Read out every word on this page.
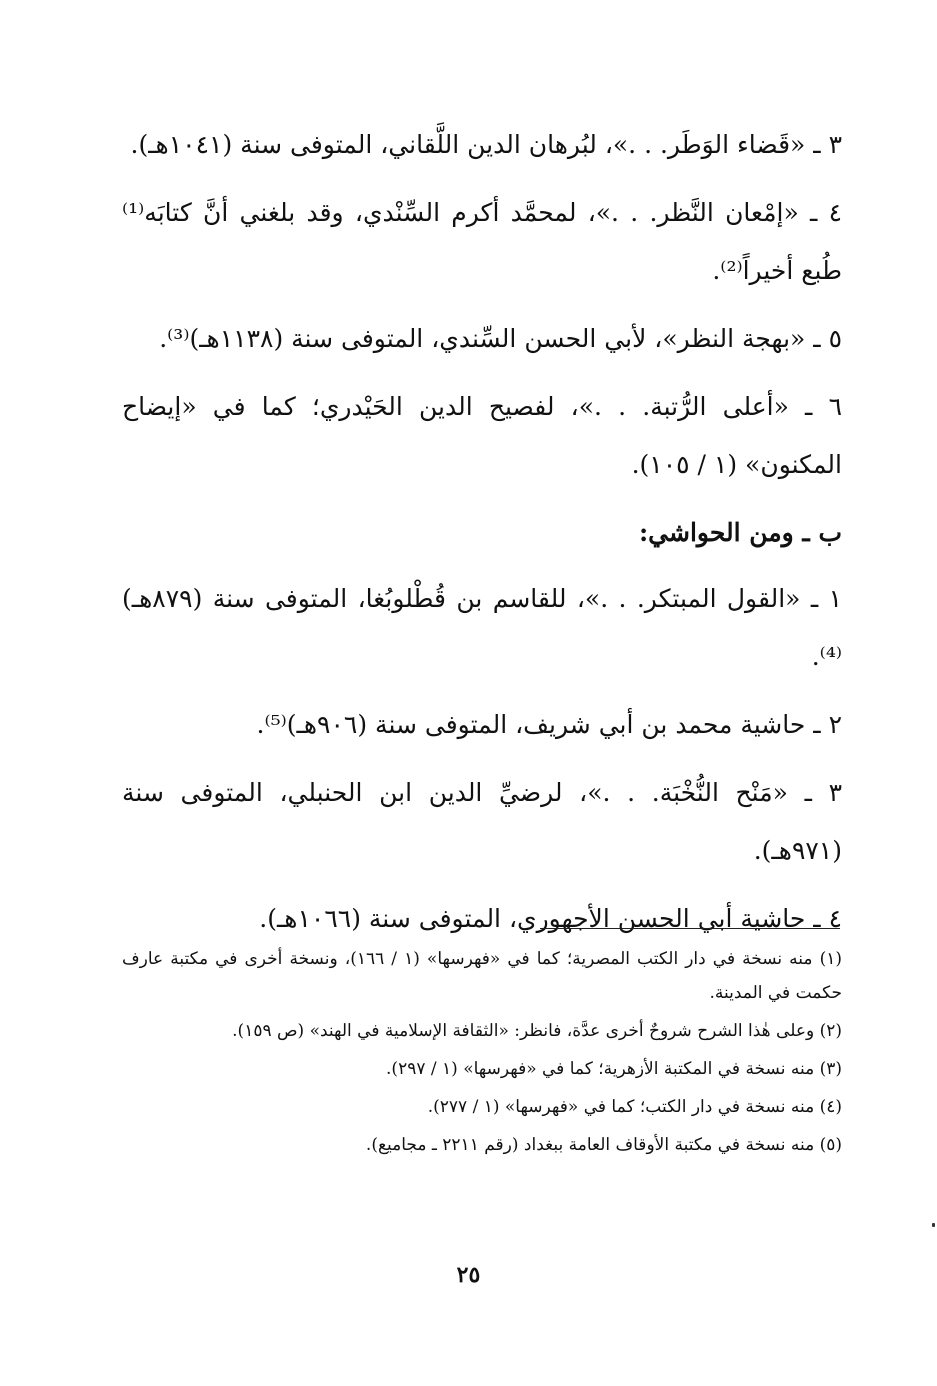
٣ ـ «قَضاء الوَطَر. . .»، لبُرهان الدين اللَّقاني، المتوفى سنة (١٠٤١هـ).

٤ ـ «إمْعان النَّظر. . .»، لمحمَّد أكرم السِّنْدي، وقد بلغني أنَّ كتابَه⁽¹⁾ طُبع أخيراً⁽²⁾.

٥ ـ «بهجة النظر»، لأبي الحسن السِّندي، المتوفى سنة (١١٣٨هـ)⁽³⁾.

٦ ـ «أعلى الرُّتبة. . .»، لفصيح الدين الحَيْدري؛ كما في «إيضاح المكنون» (١ / ١٠٥).

ب ـ ومن الحواشي:

١ ـ «القول المبتكر. . .»، للقاسم بن قُطْلوبُغا، المتوفى سنة (٨٧٩هـ)⁽⁴⁾.

٢ ـ حاشية محمد بن أبي شريف، المتوفى سنة (٩٠٦هـ)⁽⁵⁾.

٣ ـ «مَنْح النُّخْبَة. . .»، لرضيِّ الدين ابن الحنبلي، المتوفى سنة (٩٧١هـ).

٤ ـ حاشية أبي الحسن الأجهوري، المتوفى سنة (١٠٦٦هـ).

(١) منه نسخة في دار الكتب المصرية؛ كما في «فهرسها» (١ / ١٦٦)، ونسخة أخرى في مكتبة عارف حكمت في المدينة.

(٢) وعلى هٰذا الشرح شروحٌ أخرى عدَّة، فانظر: «الثقافة الإسلامية في الهند» (ص ١٥٩).

(٣) منه نسخة في المكتبة الأزهرية؛ كما في «فهرسها» (١ / ٢٩٧).

(٤) منه نسخة في دار الكتب؛ كما في «فهرسها» (١ / ٢٧٧).

(٥) منه نسخة في مكتبة الأوقاف العامة ببغداد (رقم ٢٢١١ ـ مجاميع).

٢٥
